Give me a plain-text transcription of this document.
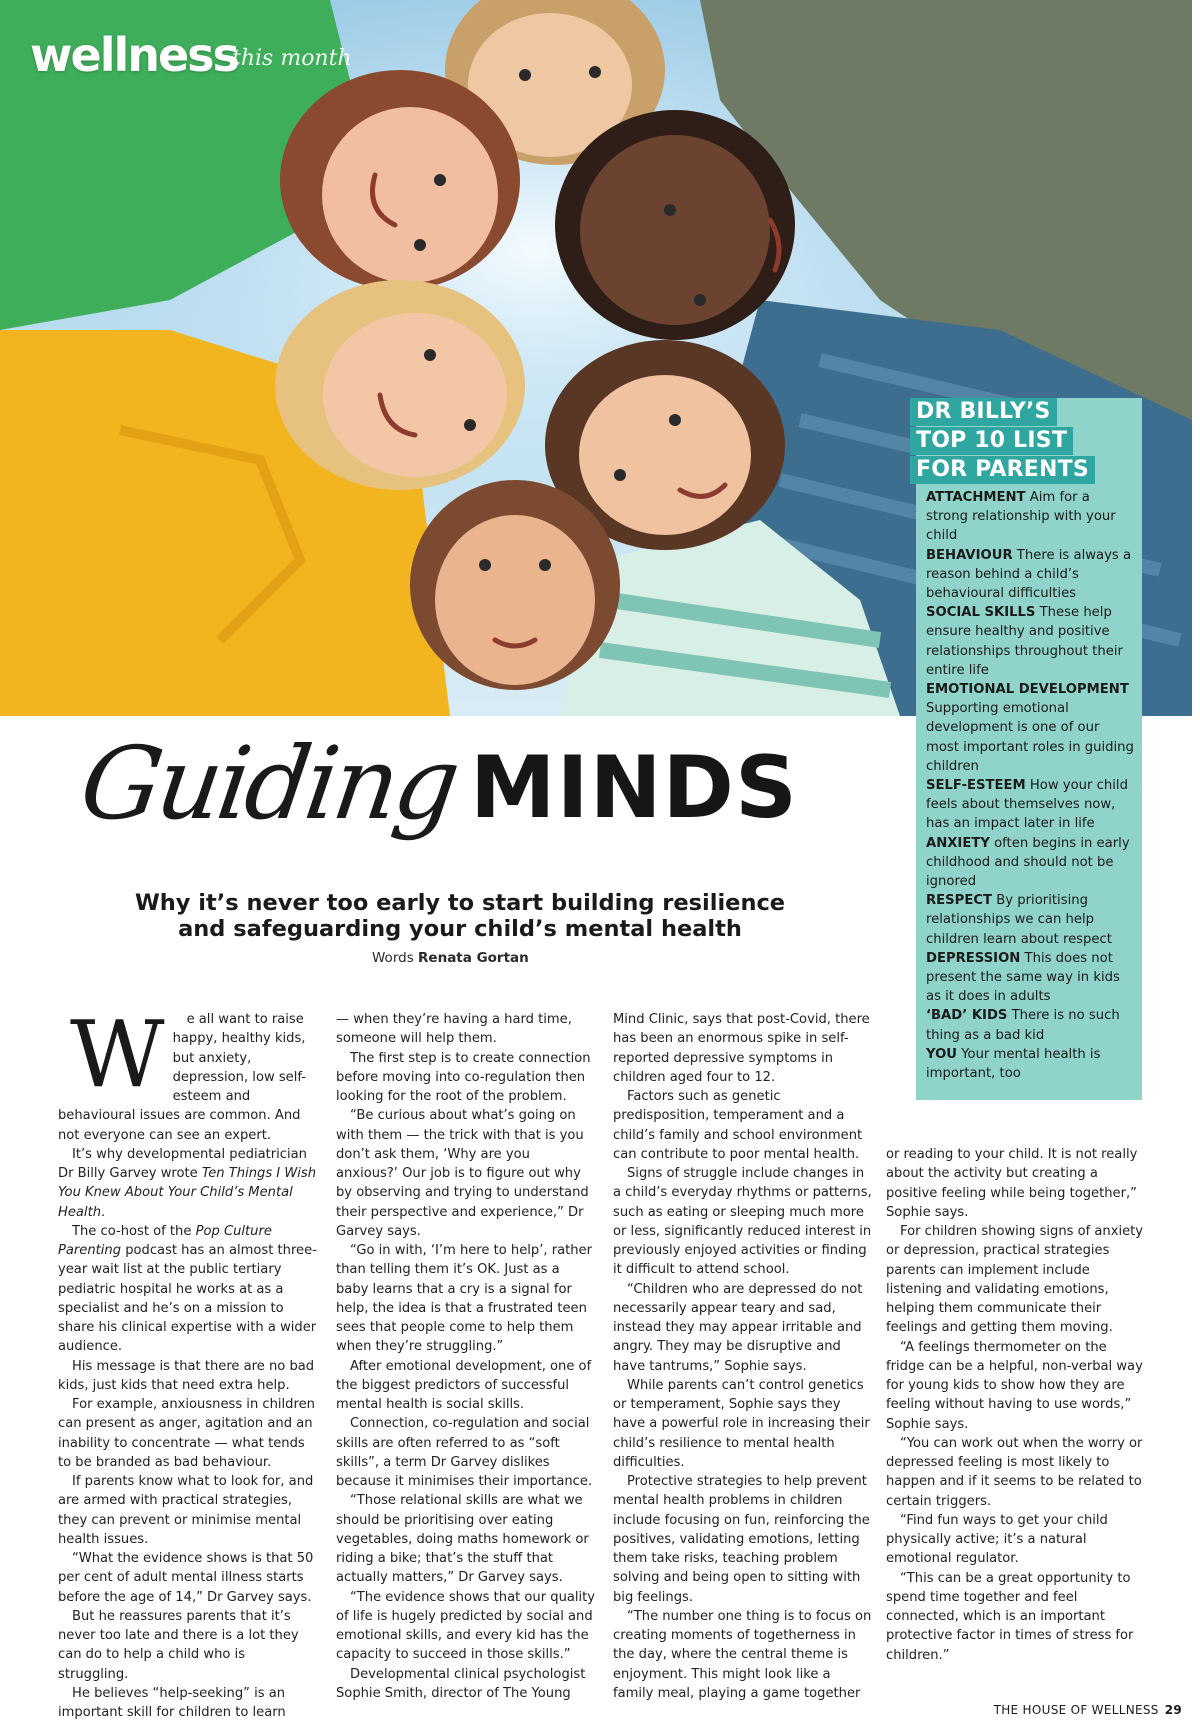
wellness
this month
DR BILLY’S
TOP 10 LIST
FOR PARENTS
ATTACHMENT Aim for a strong relationship with your child
BEHAVIOUR There is always a reason behind a child’s behavioural difficulties
SOCIAL SKILLS These help ensure healthy and positive relationships throughout their entire life
EMOTIONAL DEVELOPMENT Supporting emotional development is one of our most important roles in guiding children
SELF-ESTEEM How your child feels about themselves now, has an impact later in life
ANXIETY often begins in early childhood and should not be ignored
RESPECT By prioritising relationships we can help children learn about respect
DEPRESSION This does not present the same way in kids as it does in adults
‘BAD’ KIDS There is no such thing as a bad kid
YOU Your mental health is important, too
Guiding MINDS
Why it’s never too early to start building resilience
and safeguarding your child’s mental health
Words Renata Gortan

W e all want to raise happy, healthy kids, but anxiety, depression, low self-esteem and behavioural issues are common. And not everyone can see an expert.

It’s why developmental pediatrician Dr Billy Garvey wrote Ten Things I Wish You Knew About Your Child’s Mental Health.

The co-host of the Pop Culture Parenting podcast has an almost three-year wait list at the public tertiary pediatric hospital he works at as a specialist and he’s on a mission to share his clinical expertise with a wider audience.

His message is that there are no bad kids, just kids that need extra help.

For example, anxiousness in children can present as anger, agitation and an inability to concentrate — what tends to be branded as bad behaviour.

If parents know what to look for, and are armed with practical strategies, they can prevent or minimise mental health issues.

“What the evidence shows is that 50 per cent of adult mental illness starts before the age of 14,” Dr Garvey says.

But he reassures parents that it’s never too late and there is a lot they can do to help a child who is struggling.

He believes “help-seeking” is an important skill for children to learn

— when they’re having a hard time, someone will help them.

The first step is to create connection before moving into co-regulation then looking for the root of the problem.

“Be curious about what’s going on with them — the trick with that is you don’t ask them, ‘Why are you anxious?’ Our job is to figure out why by observing and trying to understand their perspective and experience,” Dr Garvey says.

“Go in with, ‘I’m here to help’, rather than telling them it’s OK. Just as a baby learns that a cry is a signal for help, the idea is that a frustrated teen sees that people come to help them when they’re struggling.”

After emotional development, one of the biggest predictors of successful mental health is social skills.

Connection, co-regulation and social skills are often referred to as “soft skills”, a term Dr Garvey dislikes because it minimises their importance.

“Those relational skills are what we should be prioritising over eating vegetables, doing maths homework or riding a bike; that’s the stuff that actually matters,” Dr Garvey says.

“The evidence shows that our quality of life is hugely predicted by social and emotional skills, and every kid has the capacity to succeed in those skills.”

Developmental clinical psychologist Sophie Smith, director of The Young

Mind Clinic, says that post-Covid, there has been an enormous spike in self-reported depressive symptoms in children aged four to 12.

Factors such as genetic predisposition, temperament and a child’s family and school environment can contribute to poor mental health.

Signs of struggle include changes in a child’s everyday rhythms or patterns, such as eating or sleeping much more or less, significantly reduced interest in previously enjoyed activities or finding it difficult to attend school.

“Children who are depressed do not necessarily appear teary and sad, instead they may appear irritable and angry. They may be disruptive and have tantrums,” Sophie says.

While parents can’t control genetics or temperament, Sophie says they have a powerful role in increasing their child’s resilience to mental health difficulties.

Protective strategies to help prevent mental health problems in children include focusing on fun, reinforcing the positives, validating emotions, letting them take risks, teaching problem solving and being open to sitting with big feelings.

“The number one thing is to focus on creating moments of togetherness in the day, where the central theme is enjoyment. This might look like a family meal, playing a game together

or reading to your child. It is not really about the activity but creating a positive feeling while being together,” Sophie says.

For children showing signs of anxiety or depression, practical strategies parents can implement include listening and validating emotions, helping them communicate their feelings and getting them moving.

“A feelings thermometer on the fridge can be a helpful, non-verbal way for young kids to show how they are feeling without having to use words,” Sophie says.

“You can work out when the worry or depressed feeling is most likely to happen and if it seems to be related to certain triggers.

“Find fun ways to get your child physically active; it’s a natural emotional regulator.

“This can be a great opportunity to spend time together and feel connected, which is an important protective factor in times of stress for children.”

THE HOUSE OF WELLNESS 29
